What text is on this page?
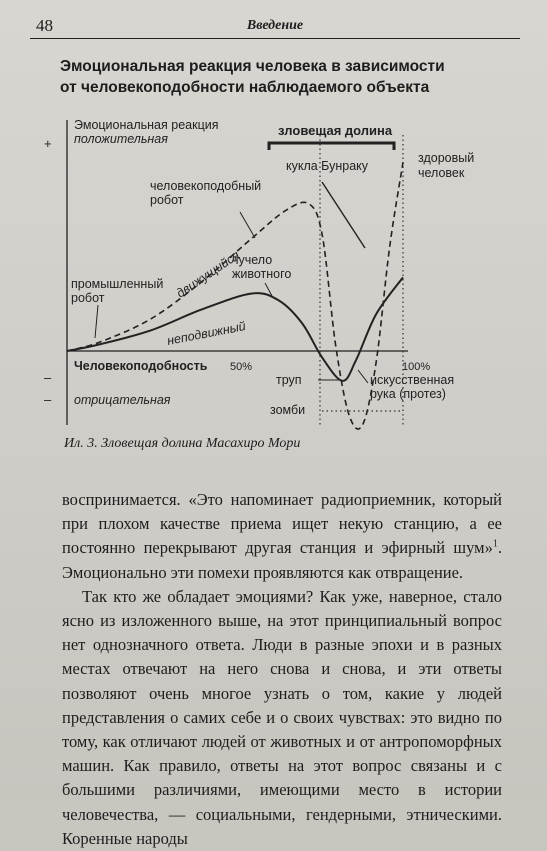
48	Введение
Эмоциональная реакция человека в зависимости
от человекоподобности наблюдаемого объекта
+
Эмоциональная реакция
положительная
–
– отрицательная
Человекоподобность 50%	100%
зловещая долина
движущийся
неподвижный
промышленный
робот
человекоподобный
робот
чучело
животного
кукла Бунраку
здоровый
человек
труп	искусственная
рука (протез)
зомби
Ил. 3. Зловещая долина Масахиро Мори

воспринимается. «Это напоминает радиоприемник, который при плохом качестве приема ищет некую станцию, а ее постоянно перекрывают другая станция и эфирный шум»$^1$. Эмоционально эти помехи проявляются как отвращение.

Так кто же обладает эмоциями? Как уже, наверное, стало ясно из изложенного выше, на этот принципиальный вопрос нет однозначного ответа. Люди в разные эпохи и в разных местах отвечают на него снова и снова, и эти ответы позволяют очень многое узнать о том, какие у людей представления о самих себе и о своих чувствах: это видно по тому, как отличают людей от животных и от антропоморфных машин. Как правило, ответы на этот вопрос связаны и с большими различиями, имеющими место в истории человечества, — социальными, гендерными, этническими. Коренные народы
